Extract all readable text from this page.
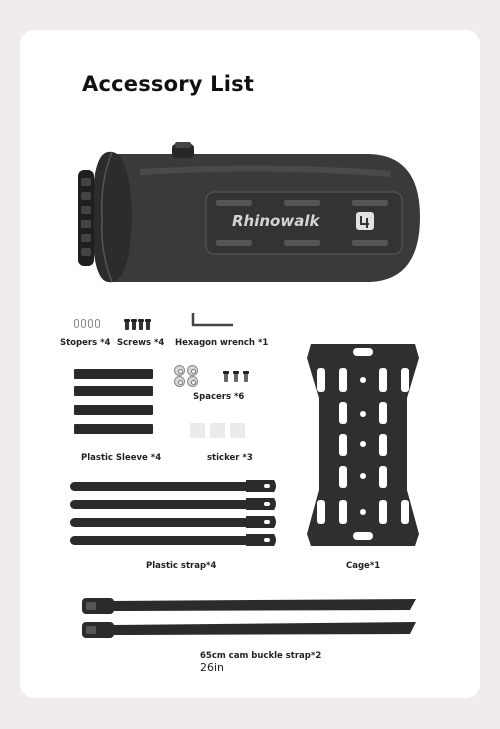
Accessory List
Rhinowalk
Stopers *4 Screws *4 Hexagon wrench *1
Plastic Sleeve *4
Spacers *6
sticker *3
Cage*1
Plastic strap*4
65cm cam buckle strap*2
26in
